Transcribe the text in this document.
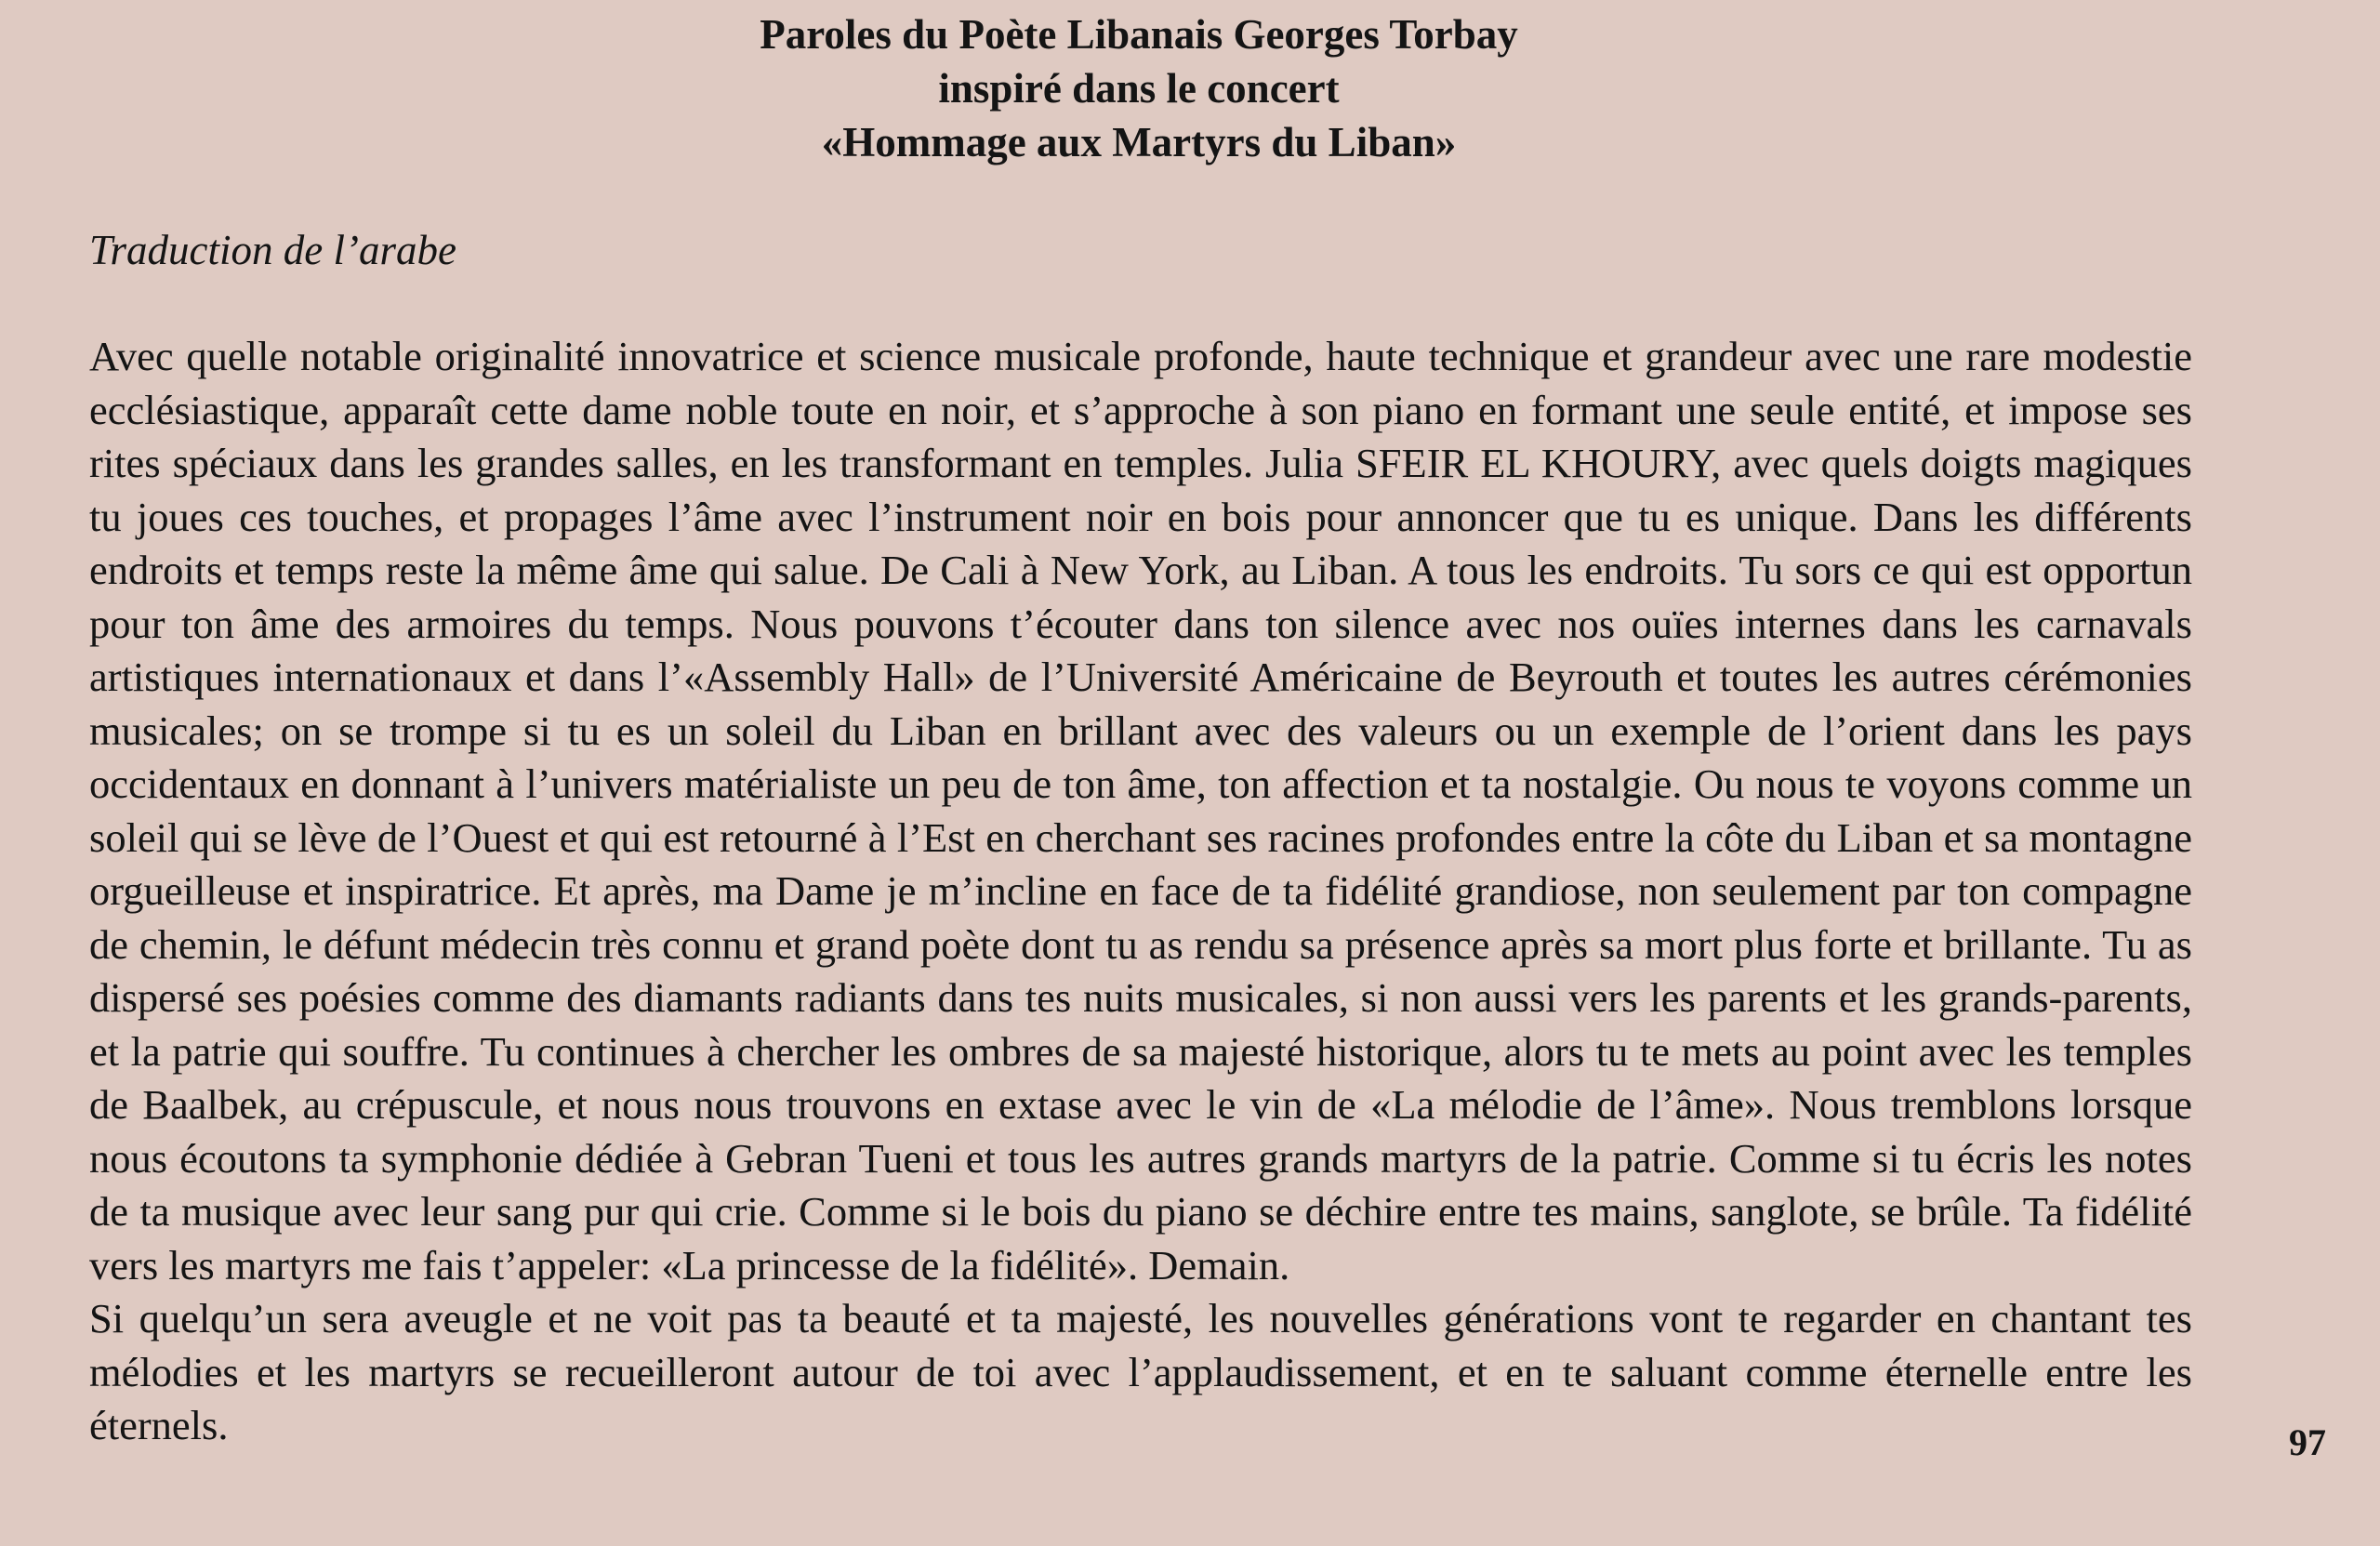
Paroles du Poète Libanais Georges Torbay
inspiré dans le concert
«Hommage aux Martyrs du Liban»
Traduction de l’arabe

Avec quelle notable originalité innovatrice et science musicale profonde, haute technique et grandeur avec une rare modestie ecclésiastique, apparaît cette dame noble toute en noir, et s’approche à son piano en formant une seule entité, et impose ses rites spéciaux dans les grandes salles, en les transformant en temples. Julia SFEIR EL KHOURY, avec quels doigts magiques tu joues ces touches, et propages l’âme avec l’instrument noir en bois pour annoncer que tu es unique. Dans les différents endroits et temps reste la même âme qui salue. De Cali à New York, au Liban. A tous les endroits. Tu sors ce qui est opportun pour ton âme des armoires du temps. Nous pouvons t’écouter dans ton silence avec nos ouïes internes dans les carnavals artistiques internationaux et dans l’«Assembly Hall» de l’Université Américaine de Beyrouth et toutes les autres cérémonies musicales; on se trompe si tu es un soleil du Liban en brillant avec des valeurs ou un exemple de l’orient dans les pays occidentaux en donnant à l’univers matérialiste un peu de ton âme, ton affection et ta nostalgie. Ou nous te voyons comme un soleil qui se lève de l’Ouest et qui est retourné à l’Est en cherchant ses racines profondes entre la côte du Liban et sa montagne orgueilleuse et inspiratrice. Et après, ma Dame je m’incline en face de ta fidélité grandiose, non seulement par ton compagne de chemin, le défunt médecin très connu et grand poète dont tu as rendu sa présence après sa mort plus forte et brillante. Tu as dispersé ses poésies comme des diamants radiants dans tes nuits musicales, si non aussi vers les parents et les grands-parents, et la patrie qui souffre. Tu continues à chercher les ombres de sa majesté historique, alors tu te mets au point avec les temples de Baalbek, au crépuscule, et nous nous trouvons en extase avec le vin de «La mélodie de l’âme». Nous tremblons lorsque nous écoutons ta symphonie dédiée à Gebran Tueni et tous les autres grands martyrs de la patrie. Comme si tu écris les notes de ta musique avec leur sang pur qui crie. Comme si le bois du piano se déchire entre tes mains, sanglote, se brûle. Ta fidélité vers les martyrs me fais t’appeler: «La princesse de la fidélité». Demain.

Si quelqu’un sera aveugle et ne voit pas ta beauté et ta majesté, les nouvelles générations vont te regarder en chantant tes mélodies et les martyrs se recueilleront autour de toi avec l’applaudissement, et en te saluant comme éternelle entre les éternels.	97
